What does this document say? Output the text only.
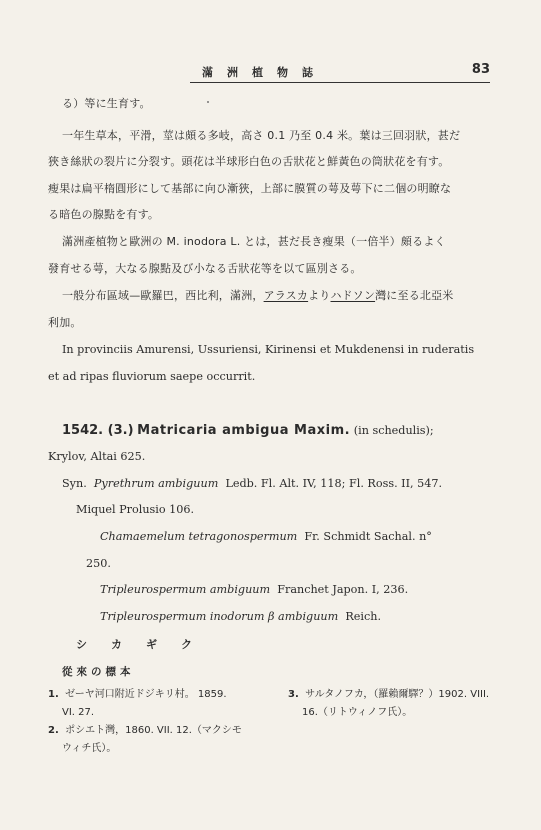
滿洲植物誌	83
る）等に生育す。
一年生草本，平滑，莖は頗る多岐，高さ 0.1 乃至 0.4 米。葉は三回羽狀，甚だ
狹き絲狀の裂片に分裂す。頭花は半球形白色の舌狀花と鮮黃色の筒狀花を有す。
瘦果は扁平楕圓形にして基部に向ひ漸狹，上部に膜質の萼及萼下に二個の明瞭な
る暗色の腺點を有す。
滿洲產植物と歐洲の M. inodora L. とは，甚だ長き瘦果（一倍半）頗るよく
發育せる萼，大なる腺點及び小なる舌狀花等を以て區別さる。
一般分布區域—歐羅巴，西比利，滿洲，アラスカよりハドソン灣に至る北亞米
利加。
In provinciis Amurensi, Ussuriensi, Kirinensi et Mukdenensi in ruderatis
et ad ripas fluviorum saepe occurrit.
1542. (3.) Matricaria ambigua Maxim. (in schedulis);
Krylov, Altai 625.
Syn. Pyrethrum ambiguum Ledb. Fl. Alt. IV, 118; Fl. Ross. II, 547.
Miquel Prolusio 106.
Chamaemelum tetragonospermum Fr. Schmidt Sachal. n°
250.
Tripleurospermum ambiguum Franchet Japon. I, 236.
Tripleurospermum inodorum β ambiguum Reich.
シカギク
從來の標本
1. ゼーヤ河口附近ドジキリ村。 1859.
VI. 27.
2. ポシエト灣，1860. VII. 12.（マクシモ
ウィチ氏）。
3. サルタノフカ，（羅賴爾驛？）1902. VIII.
16.（リトウィノフ氏）。
